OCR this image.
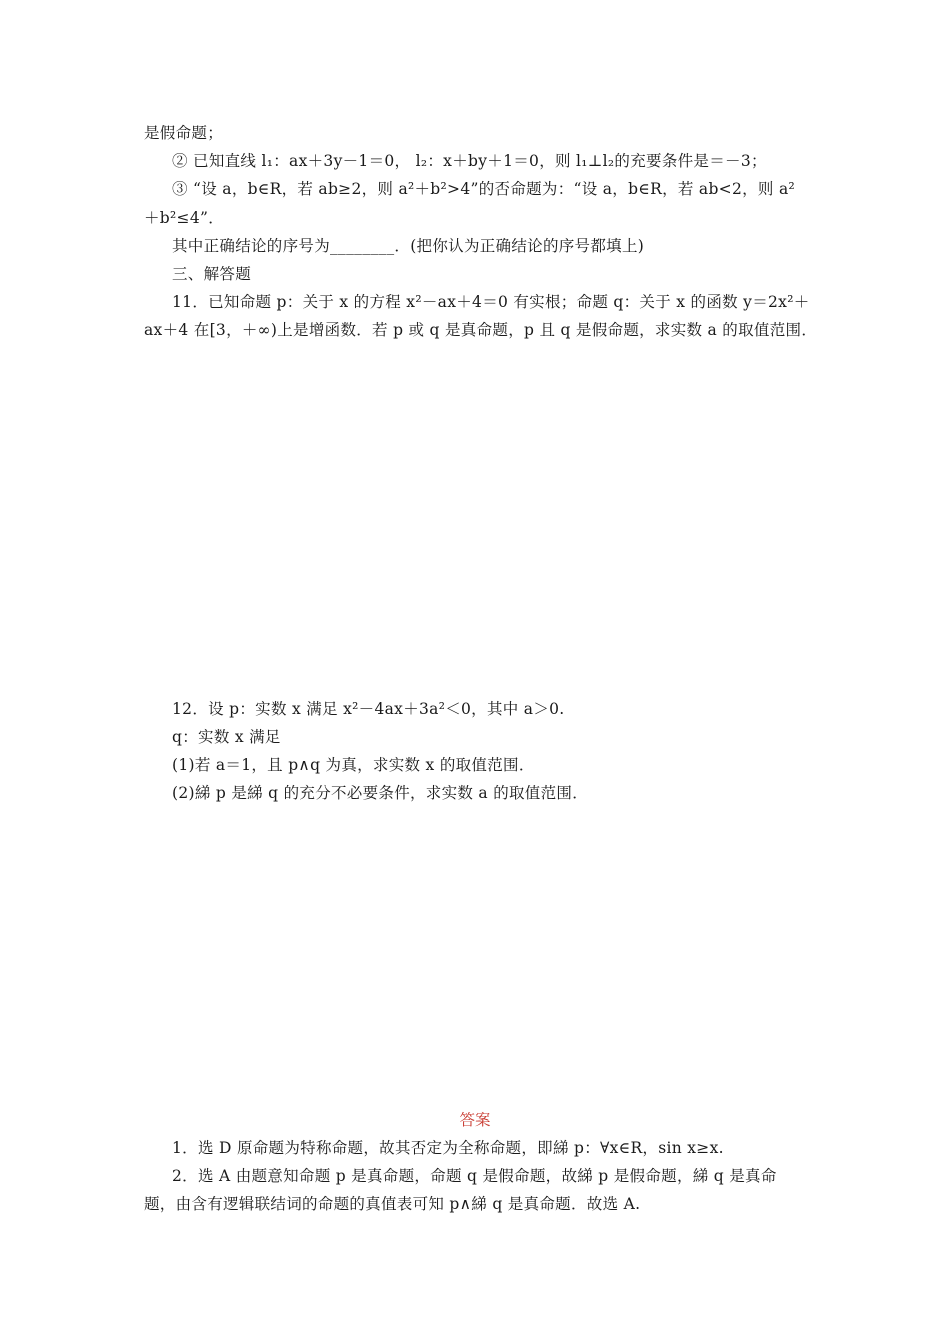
是假命题；
② 已知直线 l₁：ax＋3y－1＝0， l₂：x＋by＋1＝0，则 l₁⊥l₂的充要条件是＝－3；
③ “设 a，b∈R，若 ab≥2，则 a²＋b²>4”的否命题为：“设 a，b∈R，若 ab<2，则 a²
＋b²≤4”．
其中正确结论的序号为________．(把你认为正确结论的序号都填上)
三、解答题
11．已知命题 p：关于 x 的方程 x²－ax＋4＝0 有实根；命题 q：关于 x 的函数 y＝2x²＋
ax＋4 在[3，＋∞)上是增函数．若 p 或 q 是真命题，p 且 q 是假命题，求实数 a 的取值范围．
12．设 p：实数 x 满足 x²－4ax＋3a²＜0，其中 a＞0.
q：实数 x 满足
(1)若 a＝1，且 p∧q 为真，求实数 x 的取值范围．
(2)綈 p 是綈 q 的充分不必要条件，求实数 a 的取值范围．
答案
1．选 D 原命题为特称命题，故其否定为全称命题，即綈 p：∀x∈R，sin x≥x.
2．选 A 由题意知命题 p 是真命题，命题 q 是假命题，故綈 p 是假命题，綈 q 是真命
题，由含有逻辑联结词的命题的真值表可知 p∧綈 q 是真命题．故选 A.
